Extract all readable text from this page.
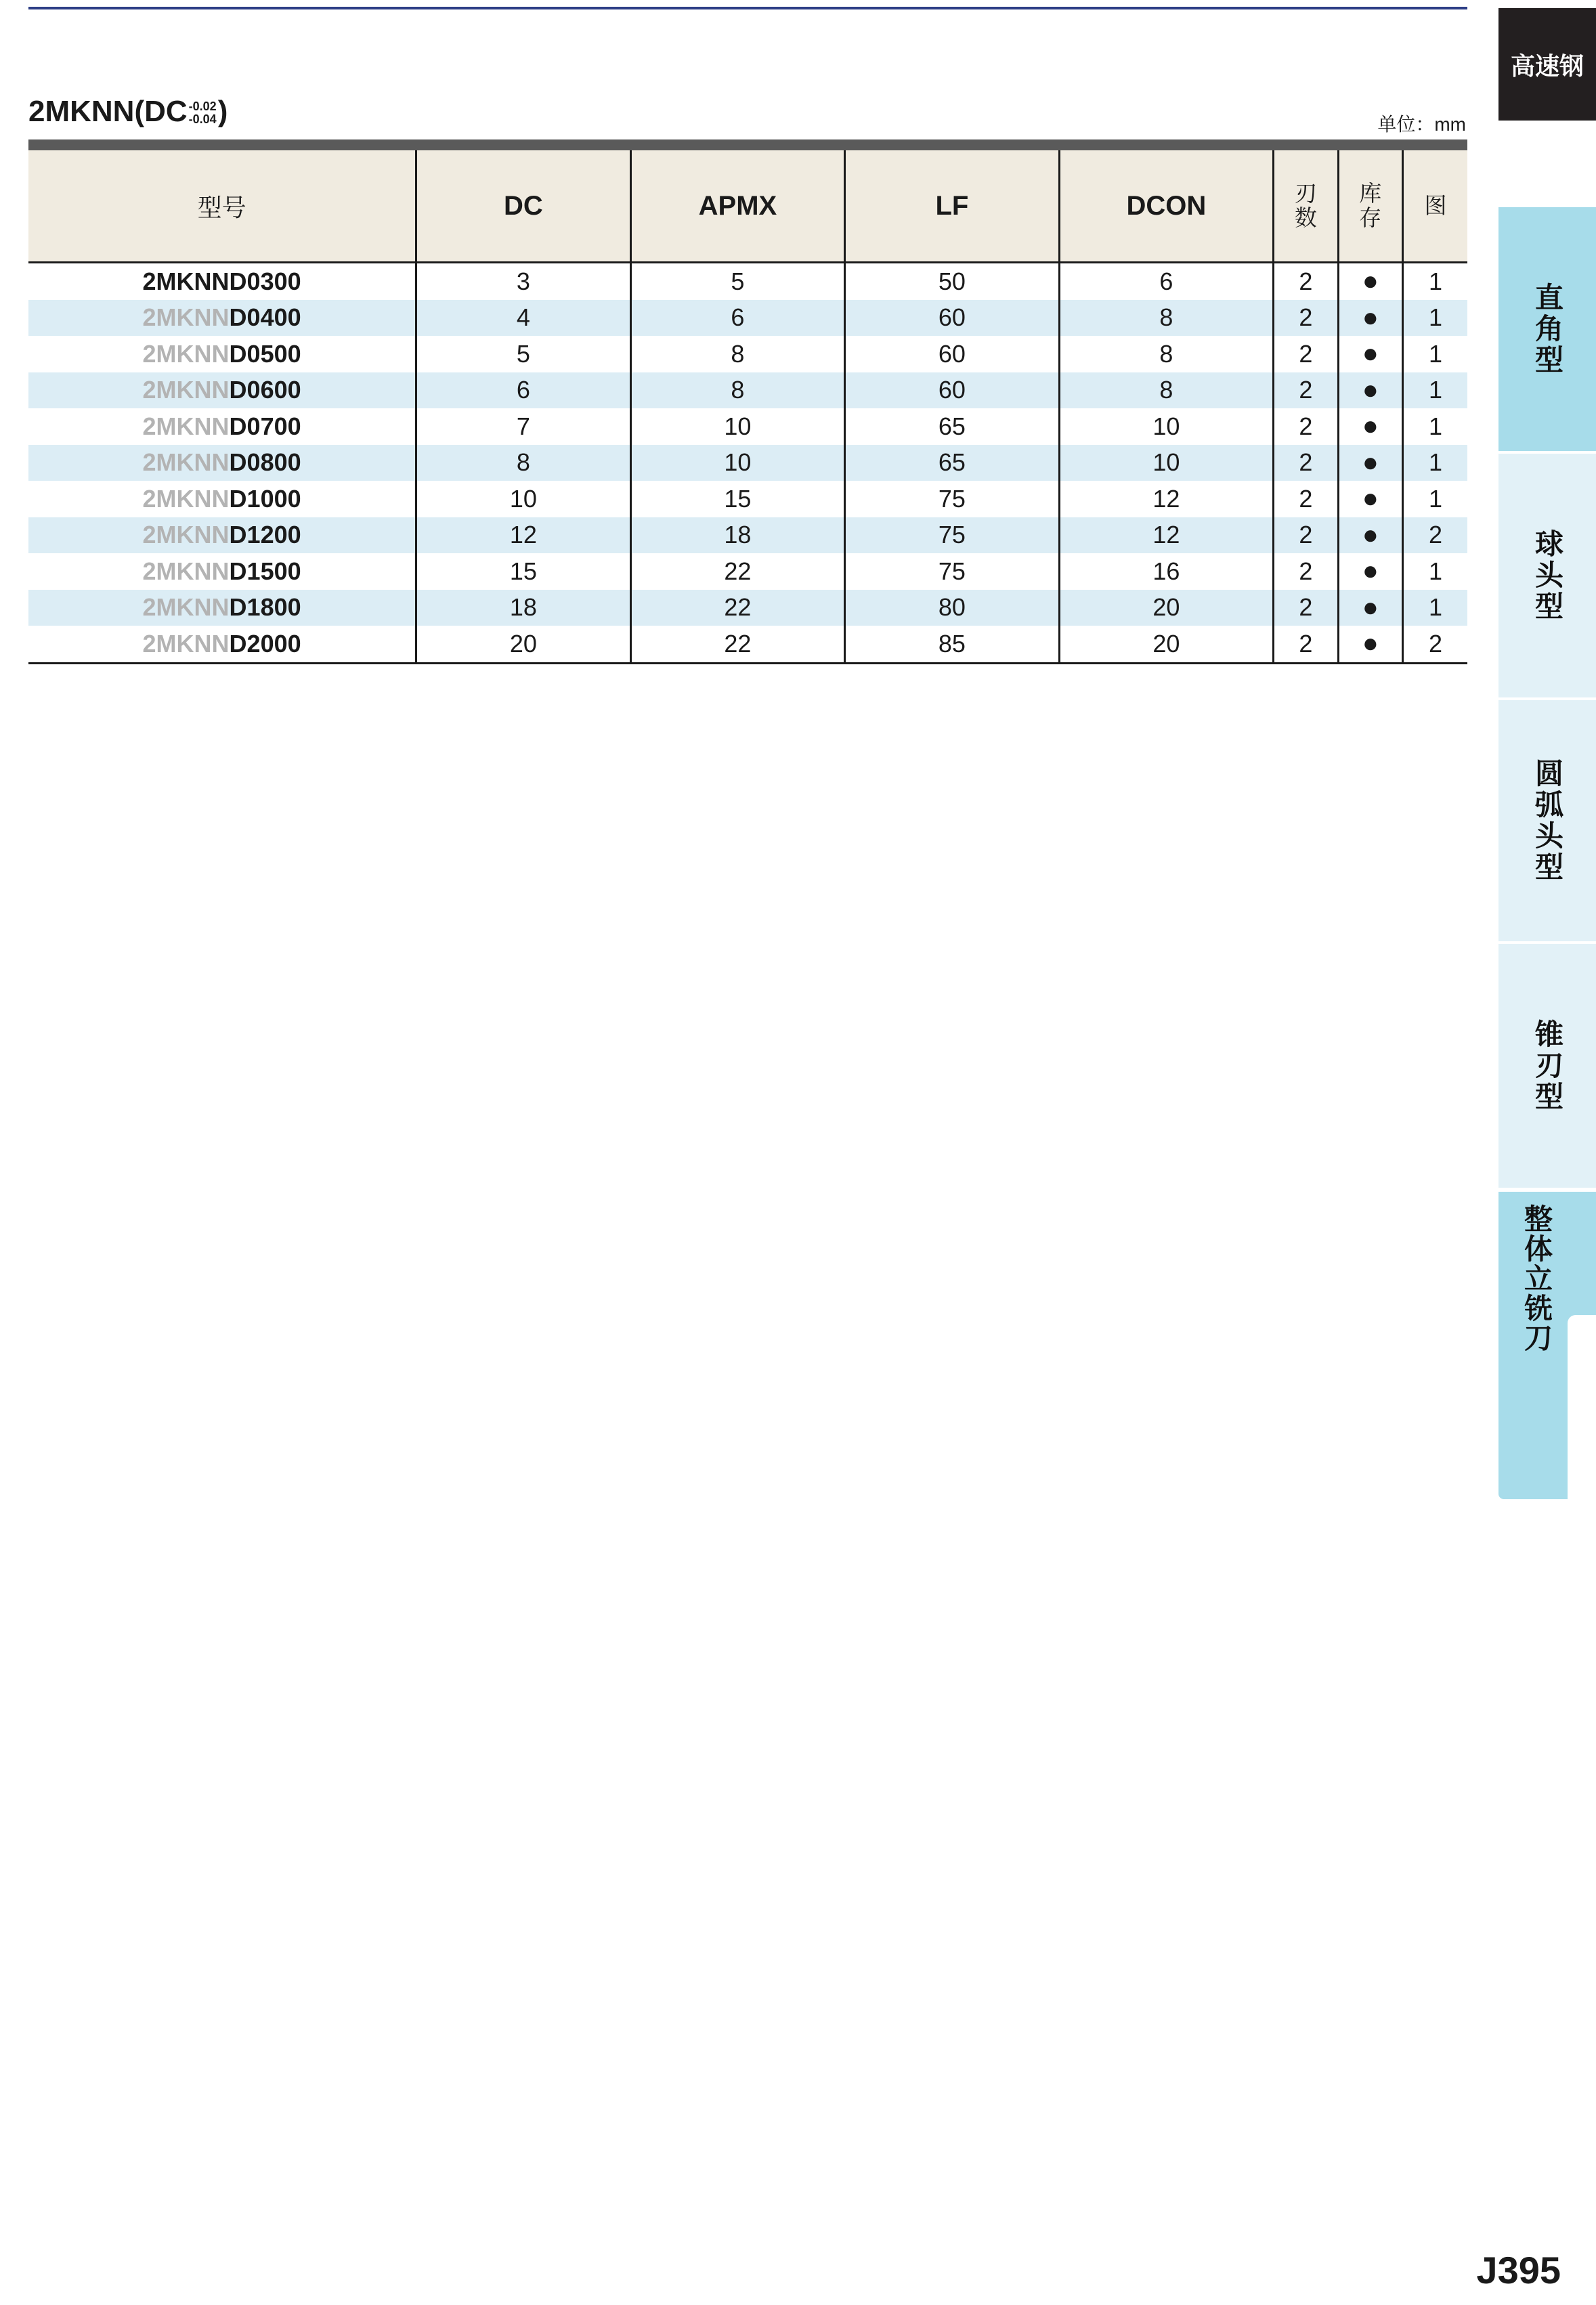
2MKNN(DC -0.02
-0.04 )	单位：mm
型号	DC	APMX	LF	DCON	刃数	库存	图
2MKNND0300	3	5	50	6	2	●	1
2MKNND0400	4	6	60	8	2	●	1
2MKNND0500	5	8	60	8	2	●	1
2MKNND0600	6	8	60	8	2	●	1
2MKNND0700	7	10	65	10	2	●	1
2MKNND0800	8	10	65	10	2	●	1
2MKNND1000	10	15	75	12	2	●	1
2MKNND1200	12	18	75	12	2	●	2
2MKNND1500	15	22	75	16	2	●	1
2MKNND1800	18	22	80	20	2	●	1
2MKNND2000	20	22	85	20	2	●	2
高速钢
直角型
球头型
圆弧头型
锥刃型
整体立铣刀
J395
